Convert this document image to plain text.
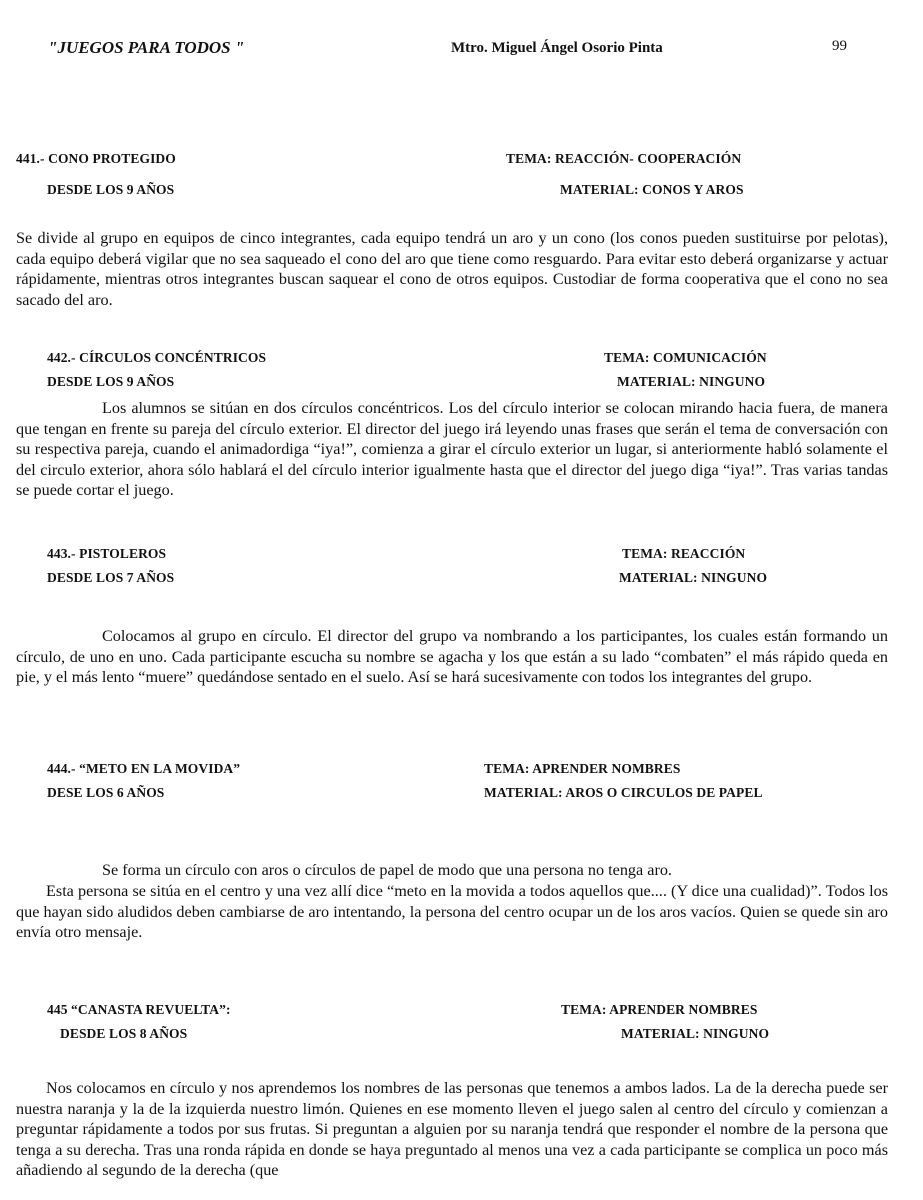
"JUEGOS PARA TODOS "	Mtro. Miguel Ángel Osorio Pinta	99
441.- CONO PROTEGIDO	TEMA: REACCIÓN- COOPERACIÓN
DESDE LOS 9 AÑOS	MATERIAL: CONOS Y AROS
Se divide al grupo en equipos de cinco integrantes, cada equipo tendrá un aro y un cono (los conos pueden sustituirse por pelotas), cada equipo deberá vigilar que no sea saqueado el cono del aro que tiene como resguardo. Para evitar esto deberá organizarse y actuar rápidamente, mientras otros integrantes buscan saquear el cono de otros equipos. Custodiar de forma cooperativa que el cono no sea sacado del aro.
442.- CÍRCULOS CONCÉNTRICOS	TEMA: COMUNICACIÓN
DESDE LOS 9 AÑOS	MATERIAL: NINGUNO
Los alumnos se sitúan en dos círculos concéntricos. Los del círculo interior se colocan mirando hacia fuera, de manera que tengan en frente su pareja del círculo exterior. El director del juego irá leyendo unas frases que serán el tema de conversación con su respectiva pareja, cuando el animadordiga “iya!”, comienza a girar el círculo exterior un lugar, si anteriormente habló solamente el del circulo exterior, ahora sólo hablará el del círculo interior igualmente hasta que el director del juego diga “iya!”. Tras varias tandas se puede cortar el juego.
443.- PISTOLEROS	TEMA: REACCIÓN
DESDE LOS 7 AÑOS	MATERIAL: NINGUNO
Colocamos al grupo en círculo. El director del grupo va nombrando a los participantes, los cuales están formando un círculo, de uno en uno. Cada participante escucha su nombre se agacha y los que están a su lado “combaten” el más rápido queda en pie, y el más lento “muere” quedándose sentado en el suelo. Así se hará sucesivamente con todos los integrantes del grupo.
444.- “METO EN LA MOVIDA”	TEMA: APRENDER NOMBRES
DESE LOS 6 AÑOS	MATERIAL: AROS O CIRCULOS DE PAPEL
Se forma un círculo con aros o círculos de papel de modo que una persona no tenga aro.
Esta persona se sitúa en el centro y una vez allí dice “meto en la movida a todos aquellos que.... (Y dice una cualidad)”. Todos los que hayan sido aludidos deben cambiarse de aro intentando, la persona del centro ocupar un de los aros vacíos. Quien se quede sin aro envía otro mensaje.
445 “CANASTA REVUELTA”:	TEMA: APRENDER NOMBRES
DESDE LOS 8 AÑOS	MATERIAL: NINGUNO
Nos colocamos en círculo y nos aprendemos los nombres de las personas que tenemos a ambos lados. La de la derecha puede ser nuestra naranja y la de la izquierda nuestro limón. Quienes en ese momento lleven el juego salen al centro del círculo y comienzan a preguntar rápidamente a todos por sus frutas. Si preguntan a alguien por su naranja tendrá que responder el nombre de la persona que tenga a su derecha. Tras una ronda rápida en donde se haya preguntado al menos una vez a cada participante se complica un poco más añadiendo al segundo de la derecha (que
